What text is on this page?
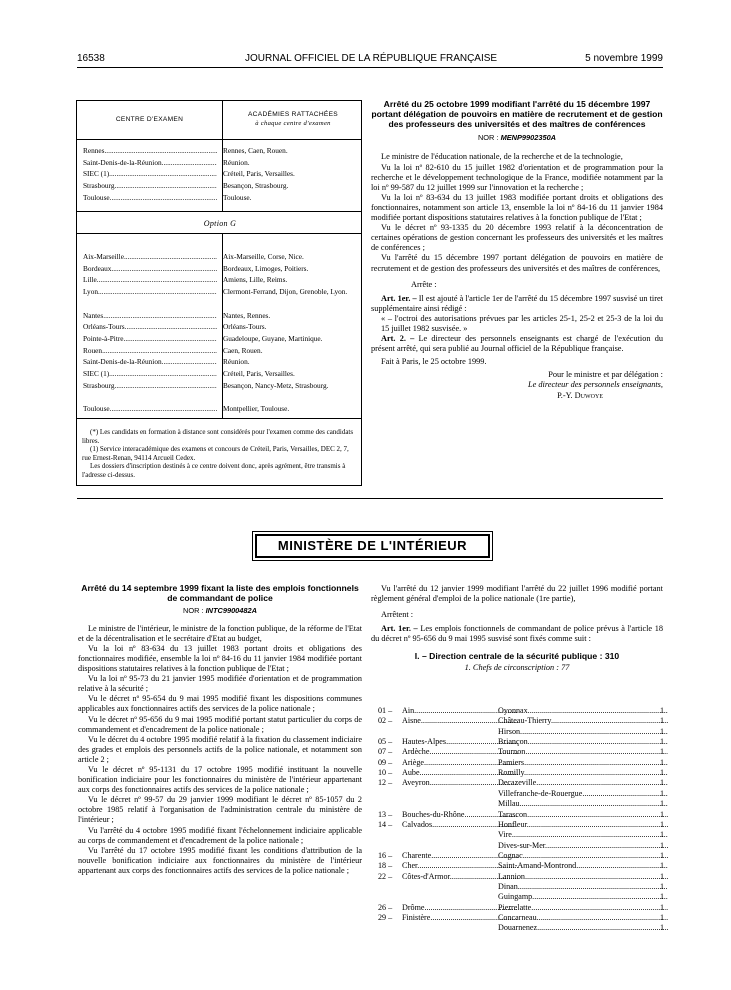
16538	JOURNAL OFFICIEL DE LA RÉPUBLIQUE FRANÇAISE	5 novembre 1999
CENTRE D'EXAMEN
ACADÉMIES RATTACHÉES
à chaque centre d'examen
Rennes .....	Rennes, Caen, Rouen.
Saint-Denis-de-la-Réunion .....	Réunion.
SIEC (1) .....	Créteil, Paris, Versailles.
Strasbourg .....	Besançon, Strasbourg.
Toulouse .....	Toulouse.
Option G
Aix-Marseille .....	Aix-Marseille, Corse, Nice.
Bordeaux .....	Bordeaux, Limoges, Poitiers.
Lille .....	Amiens, Lille, Reims.
Lyon .....	Clermont-Ferrand, Dijon, Grenoble, Lyon.
Nantes .....	Nantes, Rennes.
Orléans-Tours .....	Orléans-Tours.
Pointe-à-Pitre .....	Guadeloupe, Guyane, Martinique.
Rouen .....	Caen, Rouen.
Saint-Denis-de-la-Réunion .....	Réunion.
SIEC (1) .....	Créteil, Paris, Versailles.
Strasbourg .....	Besançon, Nancy-Metz, Strasbourg.
Toulouse .....	Montpellier, Toulouse.
(*) Les candidats en formation à distance sont considérés pour l'examen comme des candidats libres.
(1) Service interacadémique des examens et concours de Créteil, Paris, Versailles, DEC 2, 7, rue Ernest-Renan, 94114 Arcueil Cedex.
Les dossiers d'inscription destinés à ce centre doivent donc, après agrément, être transmis à l'adresse ci-dessus.
Arrêté du 25 octobre 1999 modifiant l'arrêté du 15 décembre 1997 portant délégation de pouvoirs en matière de recrutement et de gestion des professeurs des universités et des maîtres de conférences
NOR : MENP9902350A

Le ministre de l'éducation nationale, de la recherche et de la technologie,

Vu la loi nº 82-610 du 15 juillet 1982 d'orientation et de programmation pour la recherche et le développement technologique de la France, modifiée notamment par la loi nº 99-587 du 12 juillet 1999 sur l'innovation et la recherche ;

Vu la loi nº 83-634 du 13 juillet 1983 modifiée portant droits et obligations des fonctionnaires, notamment son article 13, ensemble la loi nº 84-16 du 11 janvier 1984 modifiée portant dispositions statutaires relatives à la fonction publique de l'Etat ;

Vu le décret nº 93-1335 du 20 décembre 1993 relatif à la déconcentration de certaines opérations de gestion concernant les professeurs des universités et les maîtres de conférences ;

Vu l'arrêté du 15 décembre 1997 portant délégation de pouvoirs en matière de recrutement et de gestion des professeurs des universités et des maîtres de conférences,

Arrête :

Art. 1er. – Il est ajouté à l'article 1er de l'arrêté du 15 décembre 1997 susvisé un tiret supplémentaire ainsi rédigé :

« – l'octroi des autorisations prévues par les articles 25-1, 25-2 et 25-3 de la loi du 15 juillet 1982 susvisée. »

Art. 2. – Le directeur des personnels enseignants est chargé de l'exécution du présent arrêté, qui sera publié au Journal officiel de la République française.

Fait à Paris, le 25 octobre 1999.

Pour le ministre et par délégation :
Le directeur des personnels enseignants,
P.-Y. Duwoye
MINISTÈRE DE L'INTÉRIEUR
Arrêté du 14 septembre 1999 fixant la liste des emplois fonctionnels de commandant de police
NOR : INTC9900482A

Le ministre de l'intérieur, le ministre de la fonction publique, de la réforme de l'Etat et de la décentralisation et le secrétaire d'Etat au budget,

Vu la loi nº 83-634 du 13 juillet 1983 portant droits et obligations des fonctionnaires modifiée, ensemble la loi nº 84-16 du 11 janvier 1984 modifiée portant dispositions statutaires relatives à la fonction publique de l'Etat ;

Vu la loi nº 95-73 du 21 janvier 1995 modifiée d'orientation et de programmation relative à la sécurité ;

Vu le décret nº 95-654 du 9 mai 1995 modifié fixant les dispositions communes applicables aux fonctionnaires actifs des services de la police nationale ;

Vu le décret nº 95-656 du 9 mai 1995 modifié portant statut particulier du corps de commandement et d'encadrement de la police nationale ;

Vu le décret du 4 octobre 1995 modifié relatif à la fixation du classement indiciaire des grades et emplois des personnels actifs de la police nationale, et notamment son article 2 ;

Vu le décret nº 95-1131 du 17 octobre 1995 modifié instituant la nouvelle bonification indiciaire pour les fonctionnaires du ministère de l'intérieur appartenant aux corps des fonctionnaires actifs des services de la police nationale ;

Vu le décret nº 99-57 du 29 janvier 1999 modifiant le décret nº 85-1057 du 2 octobre 1985 relatif à l'organisation de l'administration centrale du ministère de l'intérieur ;

Vu l'arrêté du 4 octobre 1995 modifié fixant l'échelonnement indiciaire applicable au corps de commandement et d'encadrement de la police nationale ;

Vu l'arrêté du 17 octobre 1995 modifié fixant les conditions d'attribution de la nouvelle bonification indiciaire aux fonctionnaires du ministère de l'intérieur appartenant aux corps des fonctionnaires actifs des services de la police nationale ;

Vu l'arrêté du 12 janvier 1999 modifiant l'arrêté du 22 juillet 1996 modifié portant règlement général d'emploi de la police nationale (1re partie),

Arrêtent :

Art. 1er. – Les emplois fonctionnels de commandant de police prévus à l'article 18 du décret nº 95-656 du 9 mai 1995 susvisé sont fixés comme suit :

I. – Direction centrale de la sécurité publique : 310
1. Chefs de circonscription : 77
01 – Ain .....	Oyonnax .....	1
02 – Aisne .....	Château-Thierry .....	1
Hirson .....	1
05 – Hautes-Alpes .....	Briançon .....	1
07 – Ardèche .....	Tournon .....	1
09 – Ariège .....	Pamiers .....	1
10 – Aube .....	Romilly .....	1
12 – Aveyron .....	Decazeville .....	1
Villefranche-de-Rouergue .....	1
Millau .....	1
13 – Bouches-du-Rhône .....	Tarascon .....	1
14 – Calvados .....	Honfleur .....	1
Vire .....	1
Dives-sur-Mer .....	1
16 – Charente .....	Cognac .....	1
18 – Cher .....	Saint-Amand-Montrond .....	1
22 – Côtes-d'Armor .....	Lannion .....	1
Dinan .....	1
Guingamp .....	1
26 – Drôme .....	Pierrelatte .....	1
29 – Finistère .....	Concarneau .....	1
Douarnenez .....	1
